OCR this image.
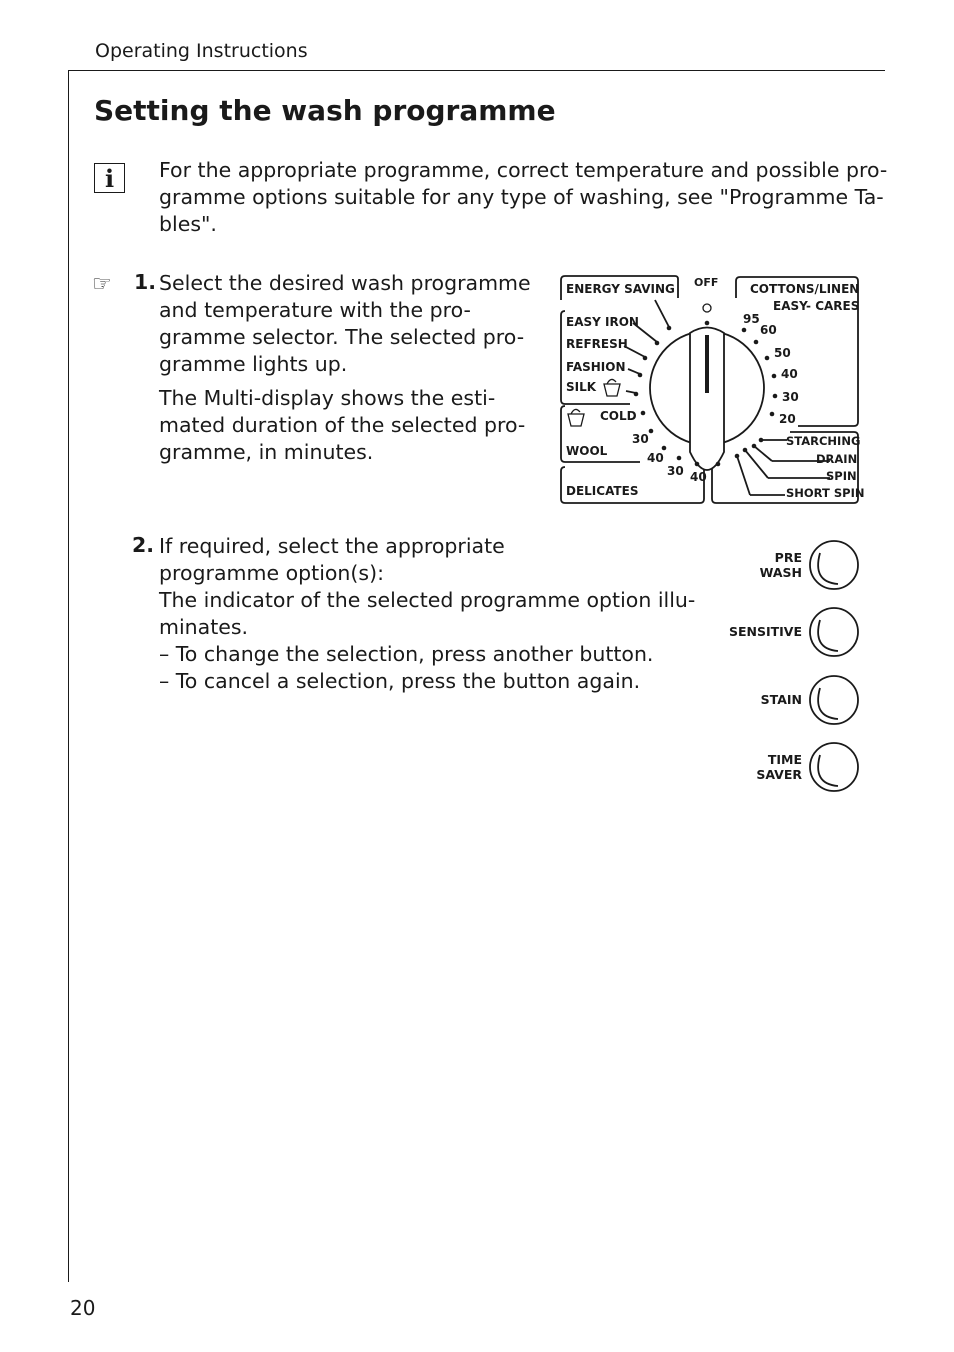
Operating Instructions
Setting the wash programme
i	For the appropriate programme, correct temperature and possible pro-
gramme options suitable for any type of washing, see "Programme Ta-
bles".
☞ 1. Select the desired wash programme
and temperature with the pro-
gramme selector. The selected pro-
gramme lights up.
The Multi-display shows the esti-
mated duration of the selected pro-
gramme, in minutes.
2. If required, select the appropriate
programme option(s):
The indicator of the selected programme option illu-
minates.
– To change the selection, press another button.
– To cancel a selection, press the button again.
ENERGY SAVING OFF
EASY IRON
REFRESH
FASHION
SILK
COLD
WOOL
30
40
30 40
DELICATES
COTTONS/LINEN
EASY- CARES
95
60
50
40
30
20
STARCHING
DRAIN
SPIN
SHORT SPIN
PRE
WASH
SENSITIVE
STAIN
TIME
SAVER
20
